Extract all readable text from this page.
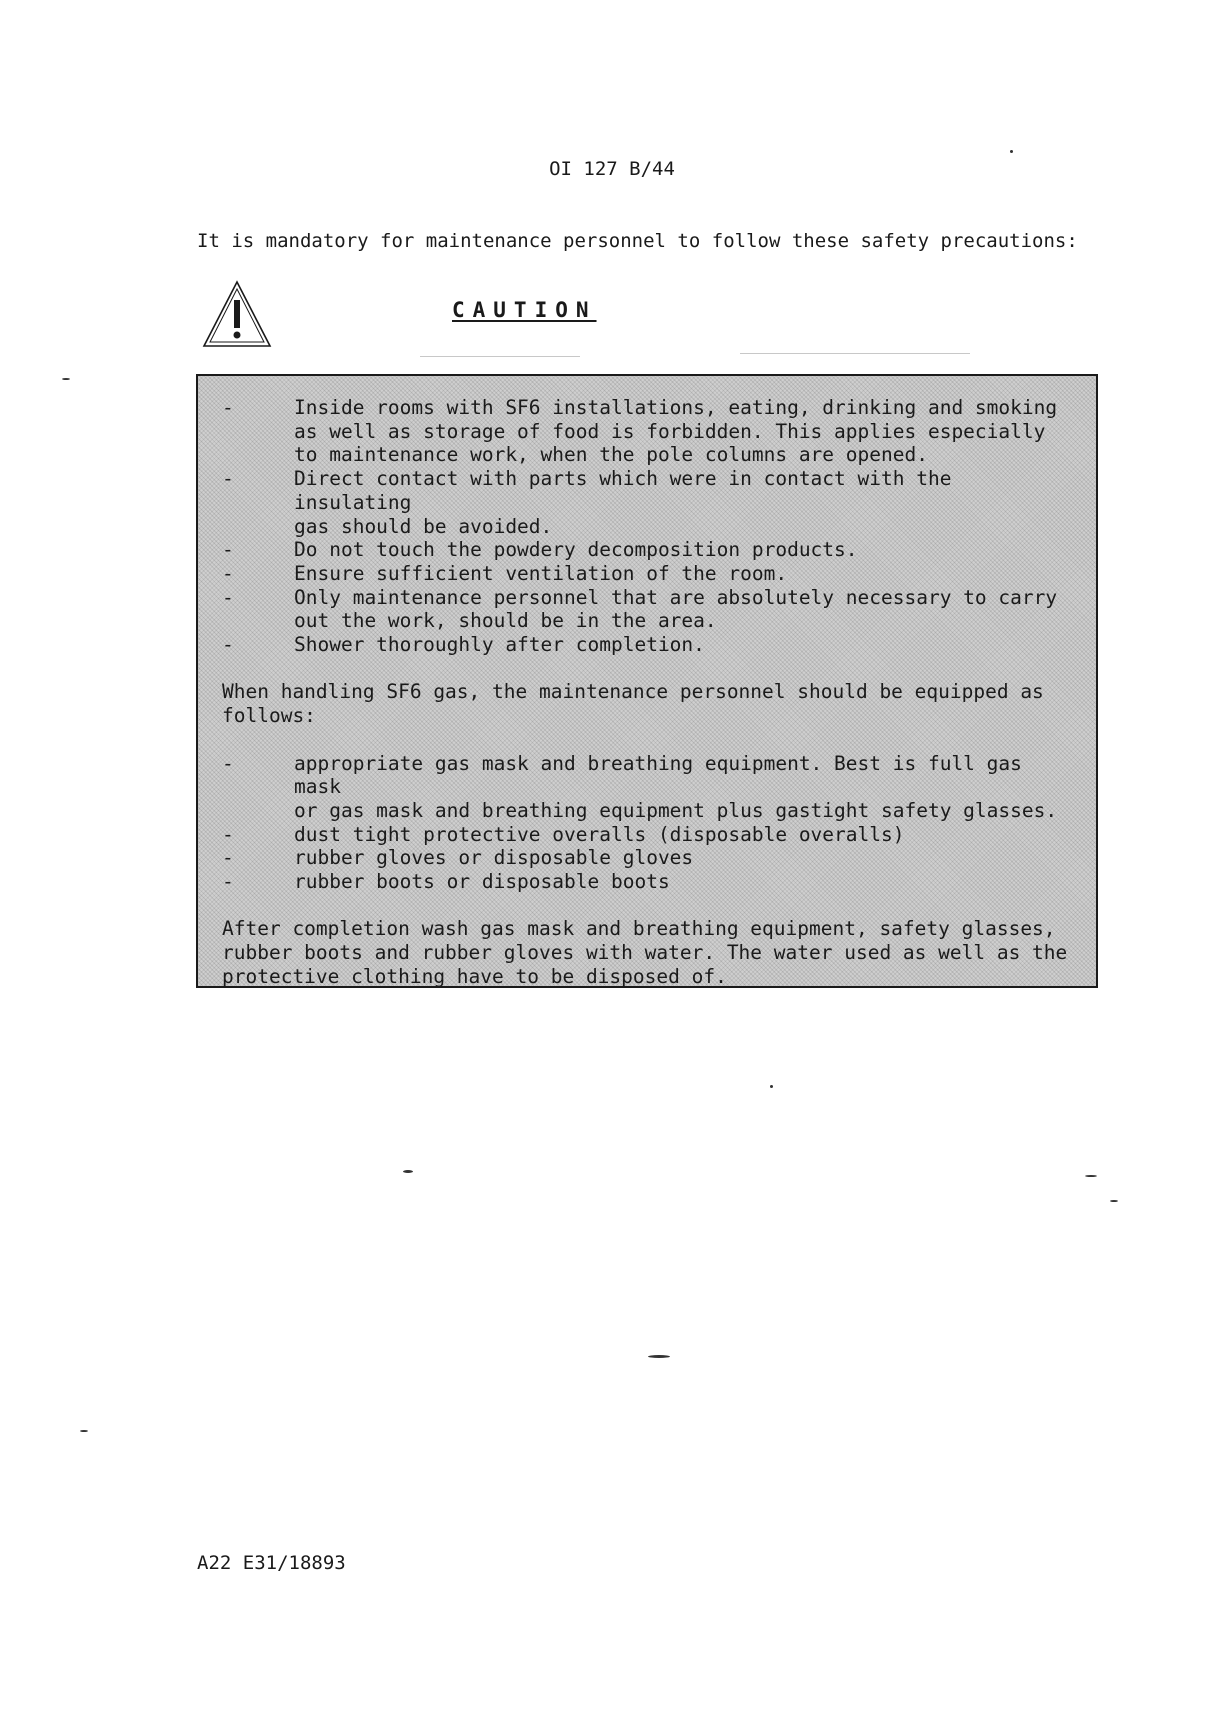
OI 127 B/44
It is mandatory for maintenance personnel to follow these safety precautions:
CAUTION
-	Inside rooms with SF6 installations, eating, drinking and smoking
as well as storage of food is forbidden. This applies especially
to maintenance work, when the pole columns are opened.
-	Direct contact with parts which were in contact with the insulating
gas should be avoided.
-	Do not touch the powdery decomposition products.
-	Ensure sufficient ventilation of the room.
-	Only maintenance personnel that are absolutely necessary to carry
out the work, should be in the area.
-	Shower thoroughly after completion.

When handling SF6 gas, the maintenance personnel should be equipped as
follows:

-	appropriate gas mask and breathing equipment. Best is full gas mask
or gas mask and breathing equipment plus gastight safety glasses.
-	dust tight protective overalls (disposable overalls)
-	rubber gloves or disposable gloves
-	rubber boots or disposable boots

After completion wash gas mask and breathing equipment, safety glasses,
rubber boots and rubber gloves with water. The water used as well as the
protective clothing have to be disposed of.

A22 E31/18893
